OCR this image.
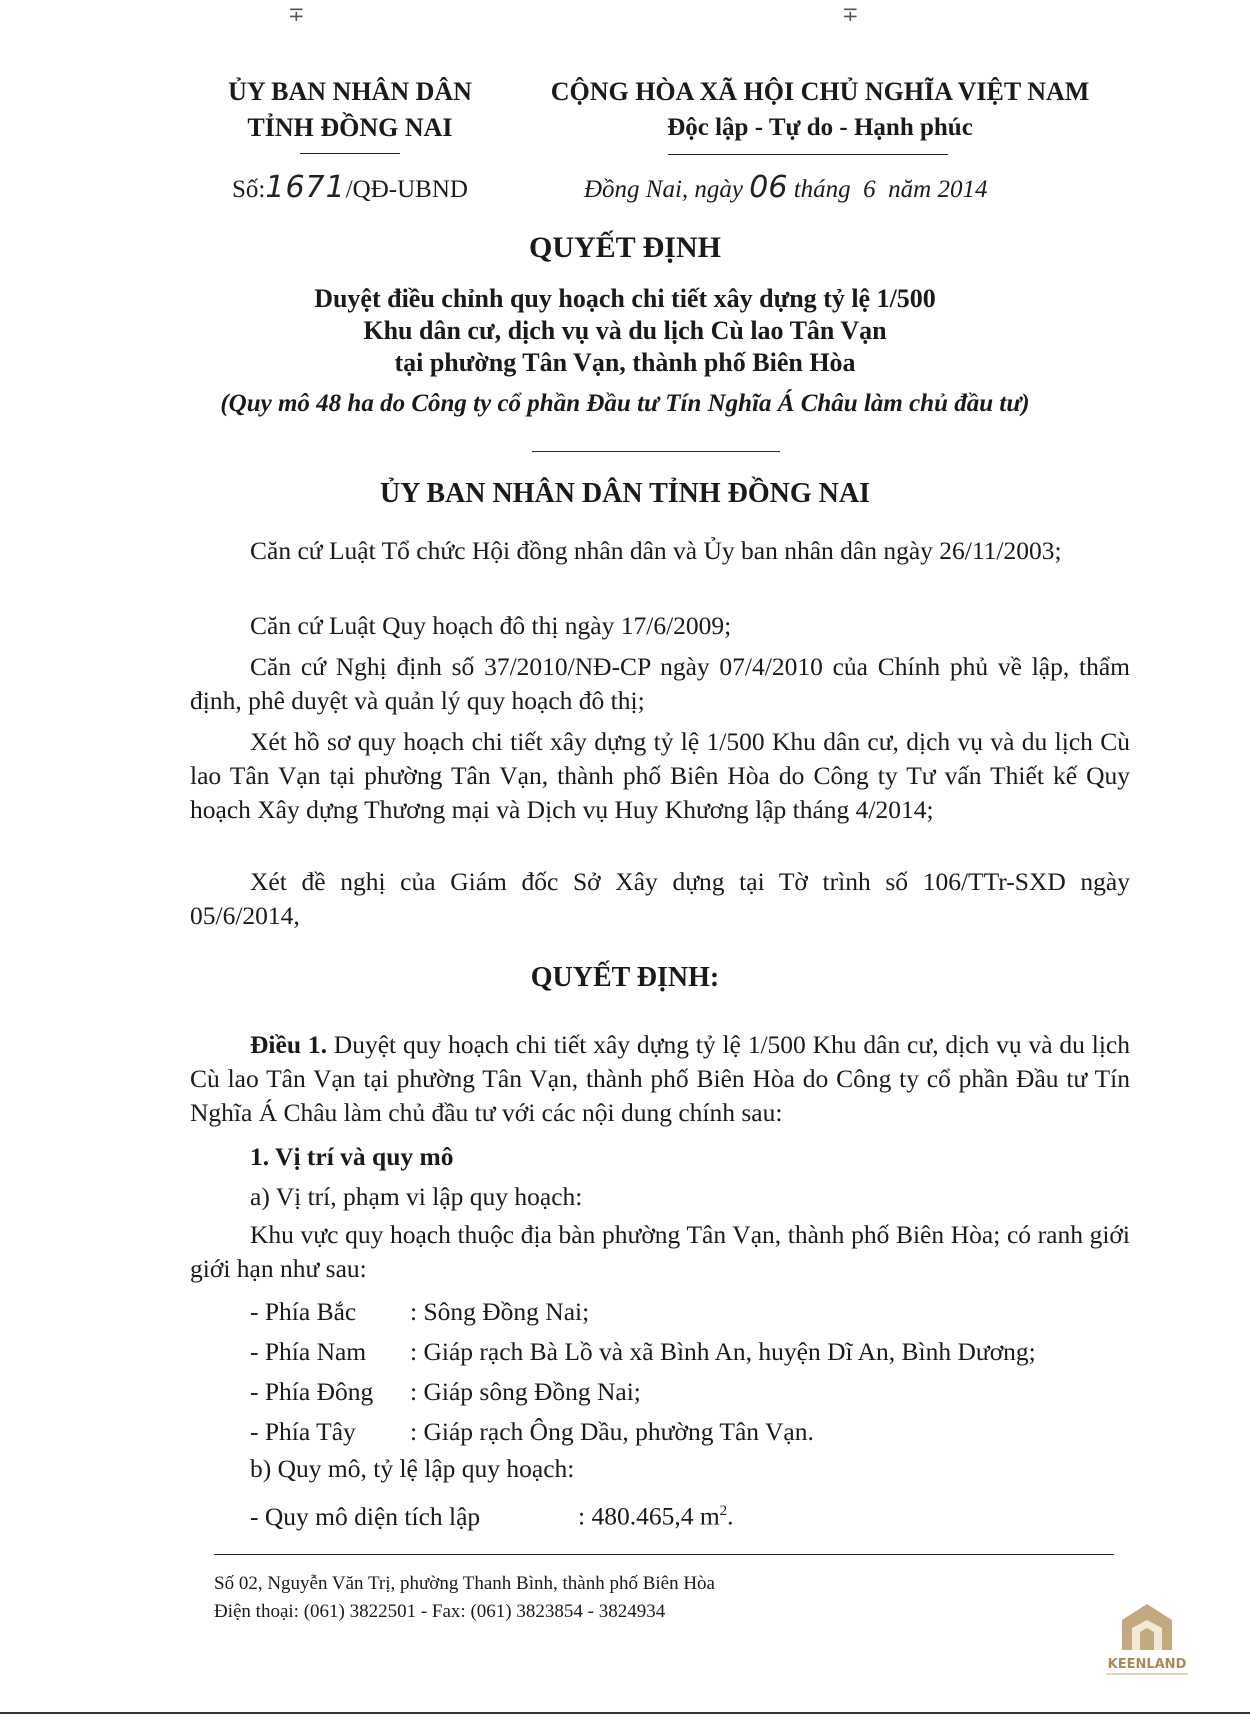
∓	∓
ỦY BAN NHÂN DÂN
TỈNH ĐỒNG NAI
CỘNG HÒA XÃ HỘI CHỦ NGHĨA VIỆT NAM
Độc lập - Tự do - Hạnh phúc
Số:1671/QĐ-UBND	Đồng Nai, ngày 06 tháng  6  năm 2014
QUYẾT ĐỊNH
Duyệt điều chỉnh quy hoạch chi tiết xây dựng tỷ lệ 1/500
Khu dân cư, dịch vụ và du lịch Cù lao Tân Vạn
tại phường Tân Vạn, thành phố Biên Hòa
(Quy mô 48 ha do Công ty cổ phần Đầu tư Tín Nghĩa Á Châu làm chủ đầu tư)
ỦY BAN NHÂN DÂN TỈNH ĐỒNG NAI
Căn cứ Luật Tổ chức Hội đồng nhân dân và Ủy ban nhân dân ngày 26/11/2003;
Căn cứ Luật Quy hoạch đô thị ngày 17/6/2009;
Căn cứ Nghị định số 37/2010/NĐ-CP ngày 07/4/2010 của Chính phủ về lập, thẩm định, phê duyệt và quản lý quy hoạch đô thị;
Xét hồ sơ quy hoạch chi tiết xây dựng tỷ lệ 1/500 Khu dân cư, dịch vụ và du lịch Cù lao Tân Vạn tại phường Tân Vạn, thành phố Biên Hòa do Công ty Tư vấn Thiết kế Quy hoạch Xây dựng Thương mại và Dịch vụ Huy Khương lập tháng 4/2014;
Xét đề nghị của Giám đốc Sở Xây dựng tại Tờ trình số 106/TTr-SXD ngày 05/6/2014,
QUYẾT ĐỊNH:
Điều 1. Duyệt quy hoạch chi tiết xây dựng tỷ lệ 1/500 Khu dân cư, dịch vụ và du lịch Cù lao Tân Vạn tại phường Tân Vạn, thành phố Biên Hòa do Công ty cổ phần Đầu tư Tín Nghĩa Á Châu làm chủ đầu tư với các nội dung chính sau:
1. Vị trí và quy mô
a) Vị trí, phạm vi lập quy hoạch:
Khu vực quy hoạch thuộc địa bàn phường Tân Vạn, thành phố Biên Hòa; có ranh giới giới hạn như sau:
- Phía Bắc : Sông Đồng Nai;
- Phía Nam : Giáp rạch Bà Lồ và xã Bình An, huyện Dĩ An, Bình Dương;
- Phía Đông : Giáp sông Đồng Nai;
- Phía Tây : Giáp rạch Ông Dầu, phường Tân Vạn.
b) Quy mô, tỷ lệ lập quy hoạch:
- Quy mô diện tích lập	: 480.465,4 $m^2$.
Số 02, Nguyễn Văn Trị, phường Thanh Bình, thành phố Biên Hòa
Điện thoại: (061) 3822501 - Fax: (061) 3823854 - 3824934
KEENLAND
